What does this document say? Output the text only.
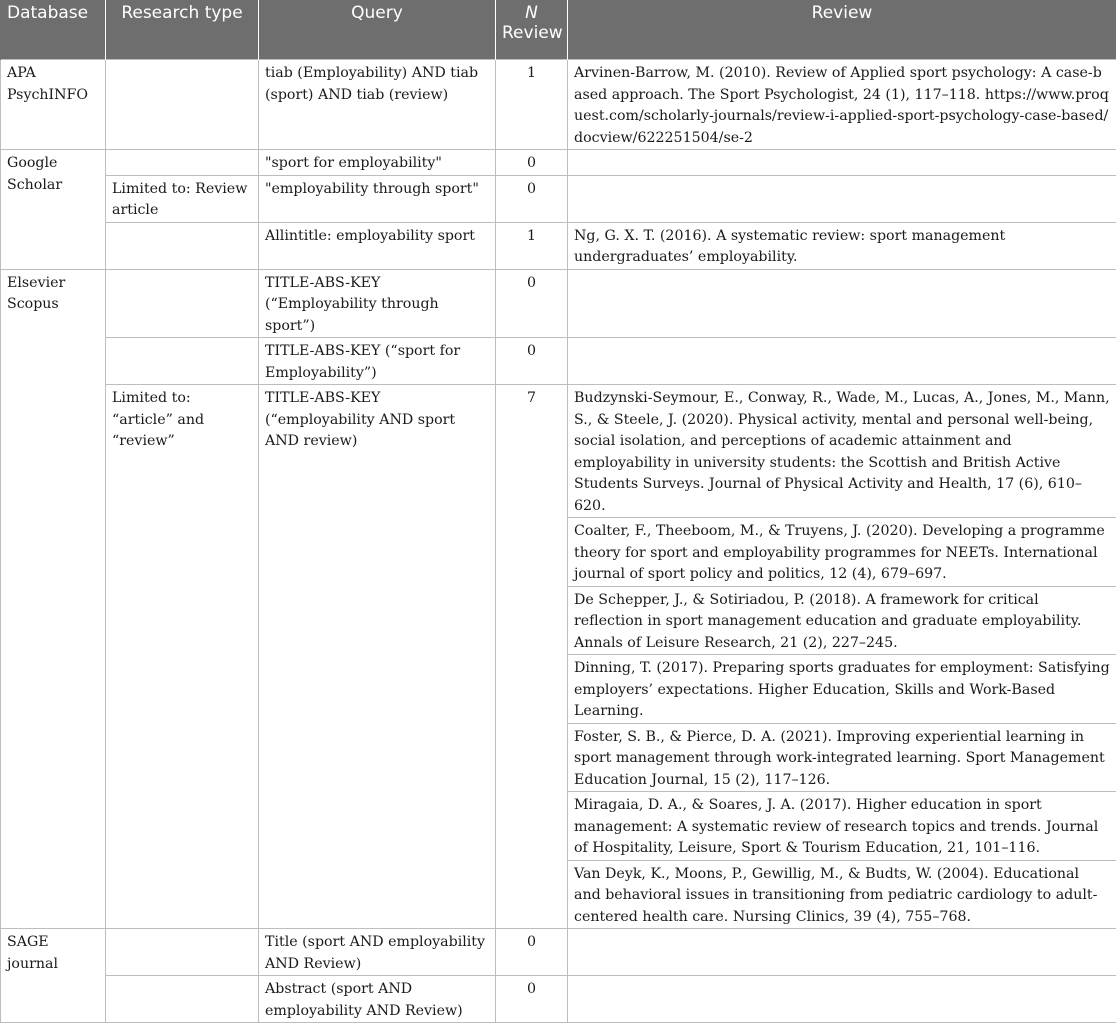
Database	Research type	Query	N
Review	Review
APA PsychINFO		tiab (Employability) AND tiab (sport) AND tiab (review)	1	Arvinen-Barrow, M. (2010). Review of Applied sport psychology: A case-based approach. The Sport Psychologist, 24 (1), 117–118. https://www.proquest.com/scholarly-journals/review-i-applied-sport-psychology-case-based/docview/622251504/se-2
Google Scholar		"sport for employability"	0	
	Limited to: Review article	"employability through sport"	0	
		Allintitle: employability sport	1	Ng, G. X. T. (2016). A systematic review: sport management undergraduates’ employability.
Elsevier Scopus		TITLE-ABS-KEY (“Employability through sport”)	0	
		TITLE-ABS-KEY (“sport for Employability”)	0	
	Limited to: “article” and “review”	TITLE-ABS-KEY (“employability AND sport AND review)	7	Budzynski-Seymour, E., Conway, R., Wade, M., Lucas, A., Jones, M., Mann, S., & Steele, J. (2020). Physical activity, mental and personal well-being, social isolation, and perceptions of academic attainment and employability in university students: the Scottish and British Active Students Surveys. Journal of Physical Activity and Health, 17 (6), 610–620.
				Coalter, F., Theeboom, M., & Truyens, J. (2020). Developing a programme theory for sport and employability programmes for NEETs. International journal of sport policy and politics, 12 (4), 679–697.
				De Schepper, J., & Sotiriadou, P. (2018). A framework for critical reflection in sport management education and graduate employability. Annals of Leisure Research, 21 (2), 227–245.
				Dinning, T. (2017). Preparing sports graduates for employment: Satisfying employers’ expectations. Higher Education, Skills and Work-Based Learning.
				Foster, S. B., & Pierce, D. A. (2021). Improving experiential learning in sport management through work-integrated learning. Sport Management Education Journal, 15 (2), 117–126.
				Miragaia, D. A., & Soares, J. A. (2017). Higher education in sport management: A systematic review of research topics and trends. Journal of Hospitality, Leisure, Sport & Tourism Education, 21, 101–116.
				Van Deyk, K., Moons, P., Gewillig, M., & Budts, W. (2004). Educational and behavioral issues in transitioning from pediatric cardiology to adult-centered health care. Nursing Clinics, 39 (4), 755–768.
SAGE journal		Title (sport AND employability AND Review)	0	
		Abstract (sport AND employability AND Review)	0	
